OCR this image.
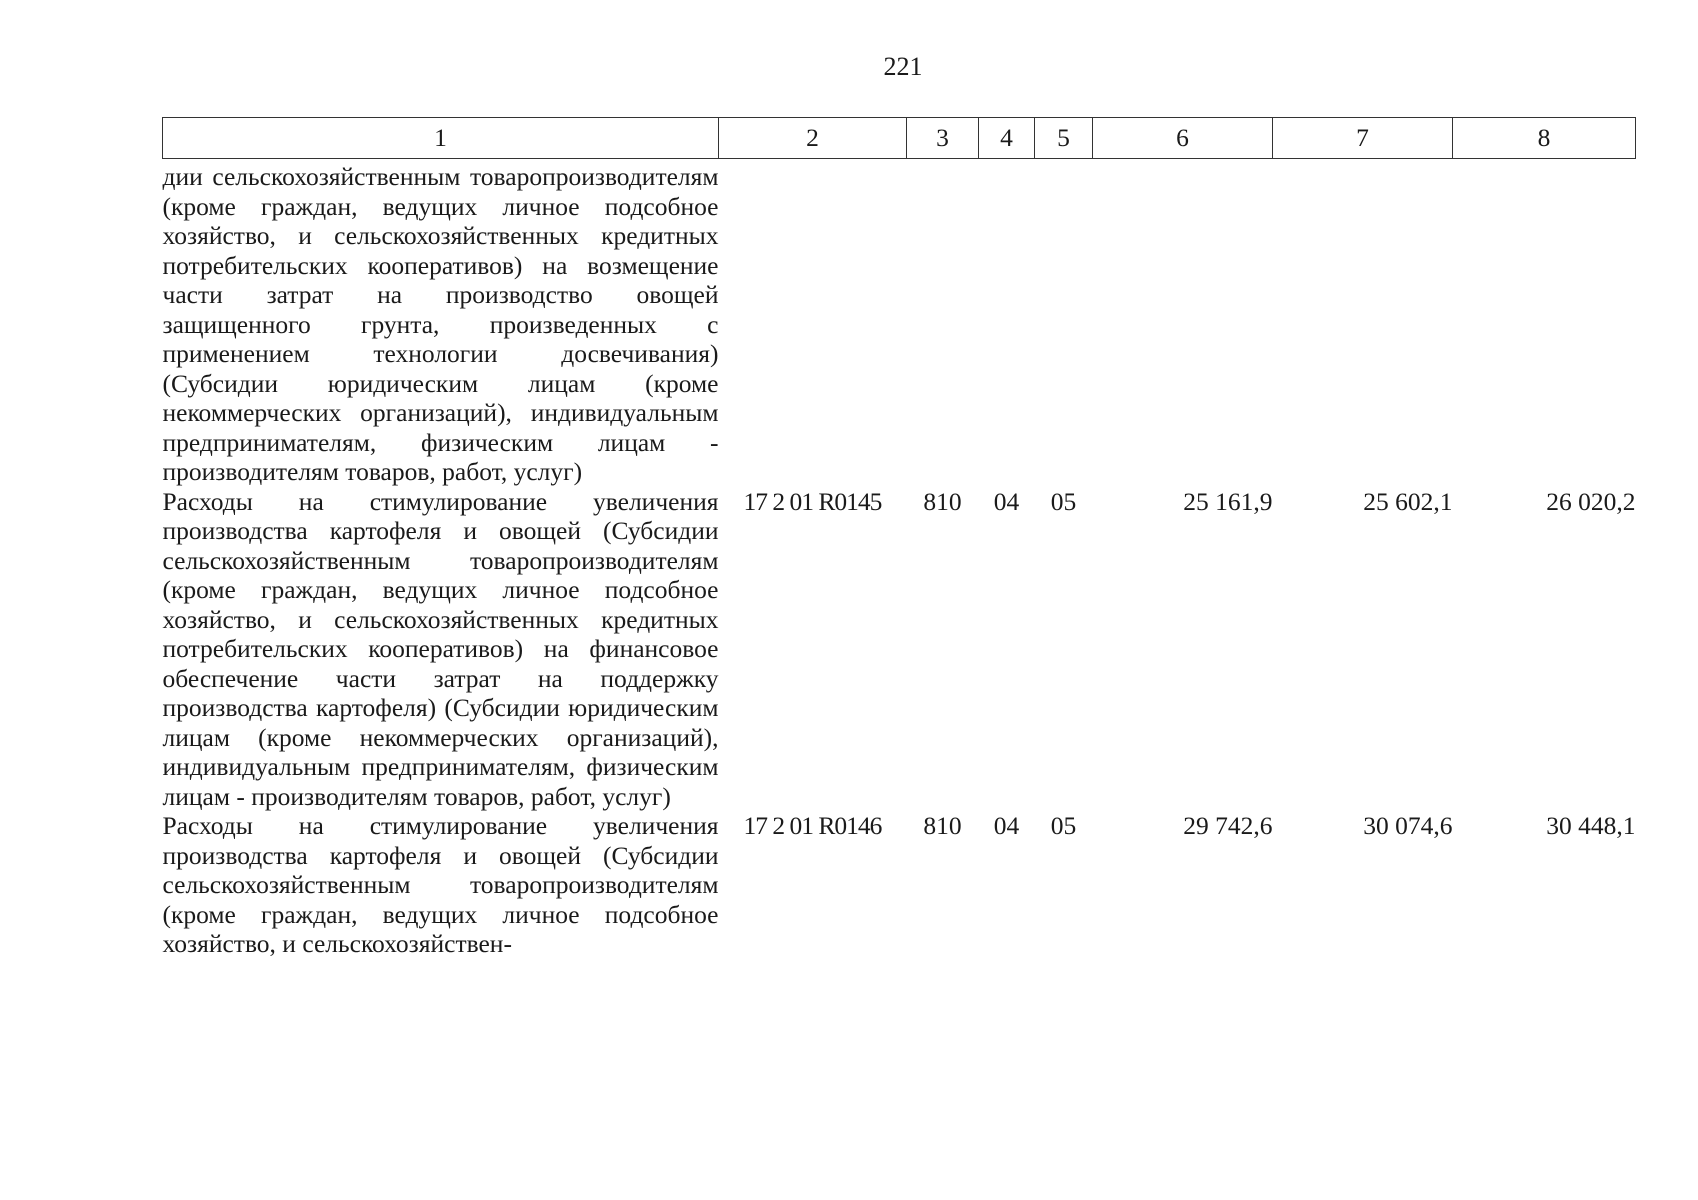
221
1	2	3	4	5	6	7	8
дии сельскохозяйственным товаропроизводителям (кроме граждан, ведущих личное подсобное хозяйство, и сельскохозяйственных кредитных потребительских кооперативов) на возмещение части затрат на производство овощей защищенного грунта, произведенных с применением технологии досвечивания) (Субсидии юридическим лицам (кроме некоммерческих организаций), индивидуальным предпринимателям, физическим лицам - производителям товаров, работ, услуг)							
Расходы на стимулирование увеличения производства картофеля и овощей (Субсидии сельскохозяйственным товаропроизводителям (кроме граждан, ведущих личное подсобное хозяйство, и сельскохозяйственных кредитных потребительских кооперативов) на финансовое обеспечение части затрат на поддержку производства картофеля) (Субсидии юридическим лицам (кроме некоммерческих организаций), индивидуальным предпринимателям, физическим лицам - производителям товаров, работ, услуг)	17 2 01 R0145	810	04	05	25 161,9	25 602,1	26 020,2
Расходы на стимулирование увеличения производства картофеля и овощей (Субсидии сельскохозяйственным товаропроизводителям (кроме граждан, ведущих личное подсобное хозяйство, и сельскохозяйствен-	17 2 01 R0146	810	04	05	29 742,6	30 074,6	30 448,1
